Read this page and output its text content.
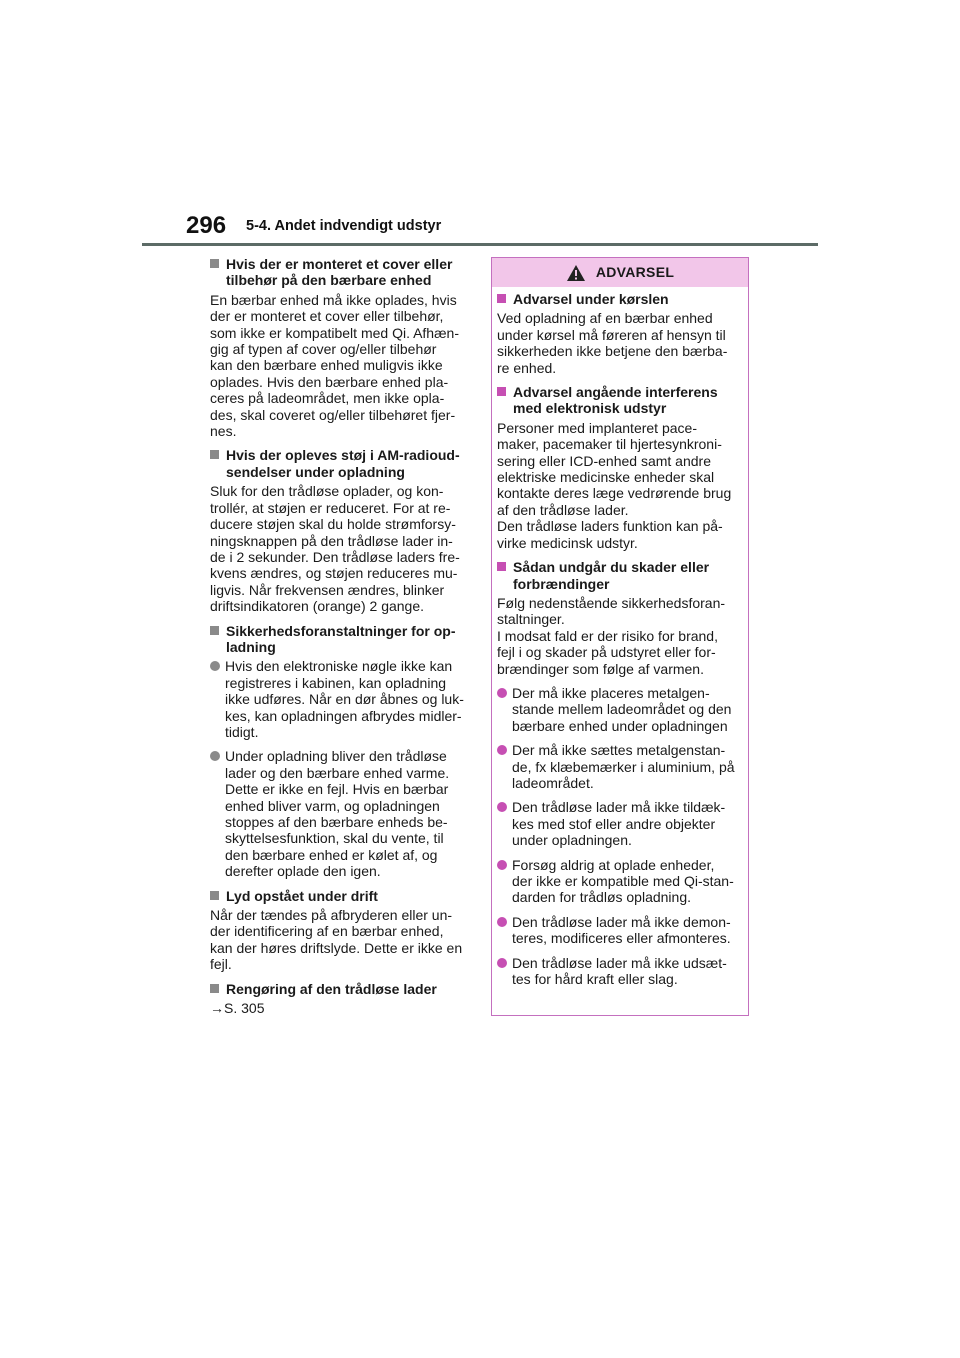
296 5-4. Andet indvendigt udstyr
Hvis der er monteret et cover eller
tilbehør på den bærbare enhed
En bærbar enhed må ikke oplades, hvis
der er monteret et cover eller tilbehør,
som ikke er kompatibelt med Qi. Afhæn-
gig af typen af cover og/eller tilbehør
kan den bærbare enhed muligvis ikke
oplades. Hvis den bærbare enhed pla-
ceres på ladeområdet, men ikke opla-
des, skal coveret og/eller tilbehøret fjer-
nes.
Hvis der opleves støj i AM-radioud-
sendelser under opladning
Sluk for den trådløse oplader, og kon-
trollér, at støjen er reduceret. For at re-
ducere støjen skal du holde strømforsy-
ningsknappen på den trådløse lader in-
de i 2 sekunder. Den trådløse laders fre-
kvens ændres, og støjen reduceres mu-
ligvis. Når frekvensen ændres, blinker
driftsindikatoren (orange) 2 gange.
Sikkerhedsforanstaltninger for op-
ladning
Hvis den elektroniske nøgle ikke kan
registreres i kabinen, kan opladning
ikke udføres. Når en dør åbnes og luk-
kes, kan opladningen afbrydes midler-
tidigt.
Under opladning bliver den trådløse
lader og den bærbare enhed varme.
Dette er ikke en fejl. Hvis en bærbar
enhed bliver varm, og opladningen
stoppes af den bærbare enheds be-
skyttelsesfunktion, skal du vente, til
den bærbare enhed er kølet af, og
derefter oplade den igen.
Lyd opstået under drift
Når der tændes på afbryderen eller un-
der identificering af en bærbar enhed,
kan der høres driftslyde. Dette er ikke en
fejl.
Rengøring af den trådløse lader
→S. 305
ADVARSEL
Advarsel under kørslen
Ved opladning af en bærbar enhed
under kørsel må føreren af hensyn til
sikkerheden ikke betjene den bærba-
re enhed.
Advarsel angående interferens
med elektronisk udstyr
Personer med implanteret pace-
maker, pacemaker til hjertesynkroni-
sering eller ICD-enhed samt andre
elektriske medicinske enheder skal
kontakte deres læge vedrørende brug
af den trådløse lader.
Den trådløse laders funktion kan på-
virke medicinsk udstyr.
Sådan undgår du skader eller
forbrændinger
Følg nedenstående sikkerhedsforan-
staltninger.
I modsat fald er der risiko for brand,
fejl i og skader på udstyret eller for-
brændinger som følge af varmen.
Der må ikke placeres metalgen-
stande mellem ladeområdet og den
bærbare enhed under opladningen
Der må ikke sættes metalgenstan-
de, fx klæbemærker i aluminium, på
ladeområdet.
Den trådløse lader må ikke tildæk-
kes med stof eller andre objekter
under opladningen.
Forsøg aldrig at oplade enheder,
der ikke er kompatible med Qi-stan-
darden for trådløs opladning.
Den trådløse lader må ikke demon-
teres, modificeres eller afmonteres.
Den trådløse lader må ikke udsæt-
tes for hård kraft eller slag.
